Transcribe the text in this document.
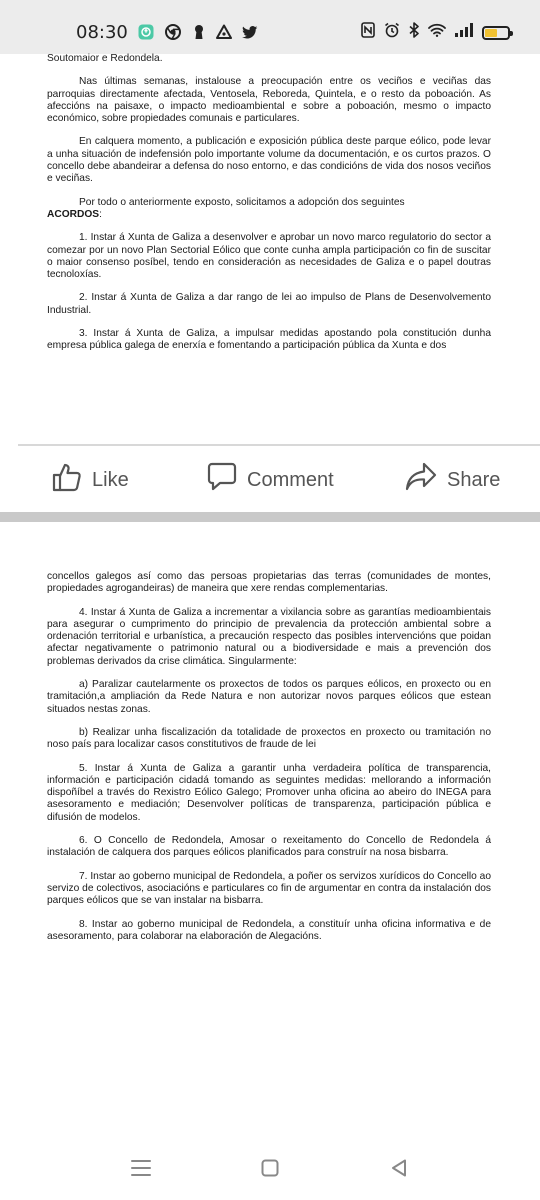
08:30

Soutomaior e Redondela.

Nas últimas semanas, instalouse a preocupación entre os veciños e veciñas das parroquias directamente afectada, Ventosela, Reboreda, Quintela, e o resto da poboación. As afeccións na paisaxe, o impacto medioambiental e sobre a poboación, mesmo o impacto económico, sobre propiedades comunais e particulares.

En calquera momento, a publicación e exposición pública deste parque eólico, pode levar a unha situación de indefensión polo importante volume da documentación, e os curtos prazos. O concello debe abandeirar a defensa do noso entorno, e das condicións de vida dos nosos veciños e veciñas.

Por todo o anteriormente exposto, solicitamos a adopción dos seguintes
ACORDOS:

1. Instar á Xunta de Galiza a desenvolver e aprobar un novo marco regulatorio do sector a comezar por un novo Plan Sectorial Eólico que conte cunha ampla participación co fin de suscitar o maior consenso posíbel, tendo en consideración as necesidades de Galiza e o papel doutras tecnoloxías.

2. Instar á Xunta de Galiza a dar rango de lei ao impulso de Plans de Desenvolvemento Industrial.

3. Instar á Xunta de Galiza, a impulsar medidas apostando pola constitución dunha empresa pública galega de enerxía e fomentando a participación pública da Xunta e dos

Like	Comment	Share

concellos galegos así como das persoas propietarias das terras (comunidades de montes, propiedades agrogandeiras) de maneira que xere rendas complementarias.

4. Instar á Xunta de Galiza a incrementar a vixilancia sobre as garantías medioambientais para asegurar o cumprimento do principio de prevalencia da protección ambiental sobre a ordenación territorial e urbanística, a precaución respecto das posibles intervencións que poidan afectar negativamente o patrimonio natural ou a biodiversidade e mais a prevención dos problemas derivados da crise climática. Singularmente:

a) Paralizar cautelarmente os proxectos de todos os parques eólicos, en proxecto ou en tramitación,a ampliación da Rede Natura e non autorizar novos parques eólicos que estean situados nestas zonas.

b) Realizar unha fiscalización da totalidade de proxectos en proxecto ou tramitación no noso país para localizar casos constitutivos de fraude de lei

5. Instar á Xunta de Galiza a garantir unha verdadeira política de transparencia, información e participación cidadá tomando as seguintes medidas: mellorando a información dispoñíbel a través do Rexistro Eólico Galego; Promover unha oficina ao abeiro do INEGA para asesoramento e mediación; Desenvolver políticas de transparenza, participación pública e difusión de modelos.

6. O Concello de Redondela, Amosar o rexeitamento do Concello de Redondela á instalación de calquera dos parques eólicos planificados para construír na nosa bisbarra.

7. Instar ao goberno municipal de Redondela, a poñer os servizos xurídicos do Concello ao servizo de colectivos, asociacións e particulares co fin de argumentar en contra da instalación dos parques eólicos que se van instalar na bisbarra.

8. Instar ao goberno municipal de Redondela, a constituír unha oficina informativa e de asesoramento, para colaborar na elaboración de Alegacións.
